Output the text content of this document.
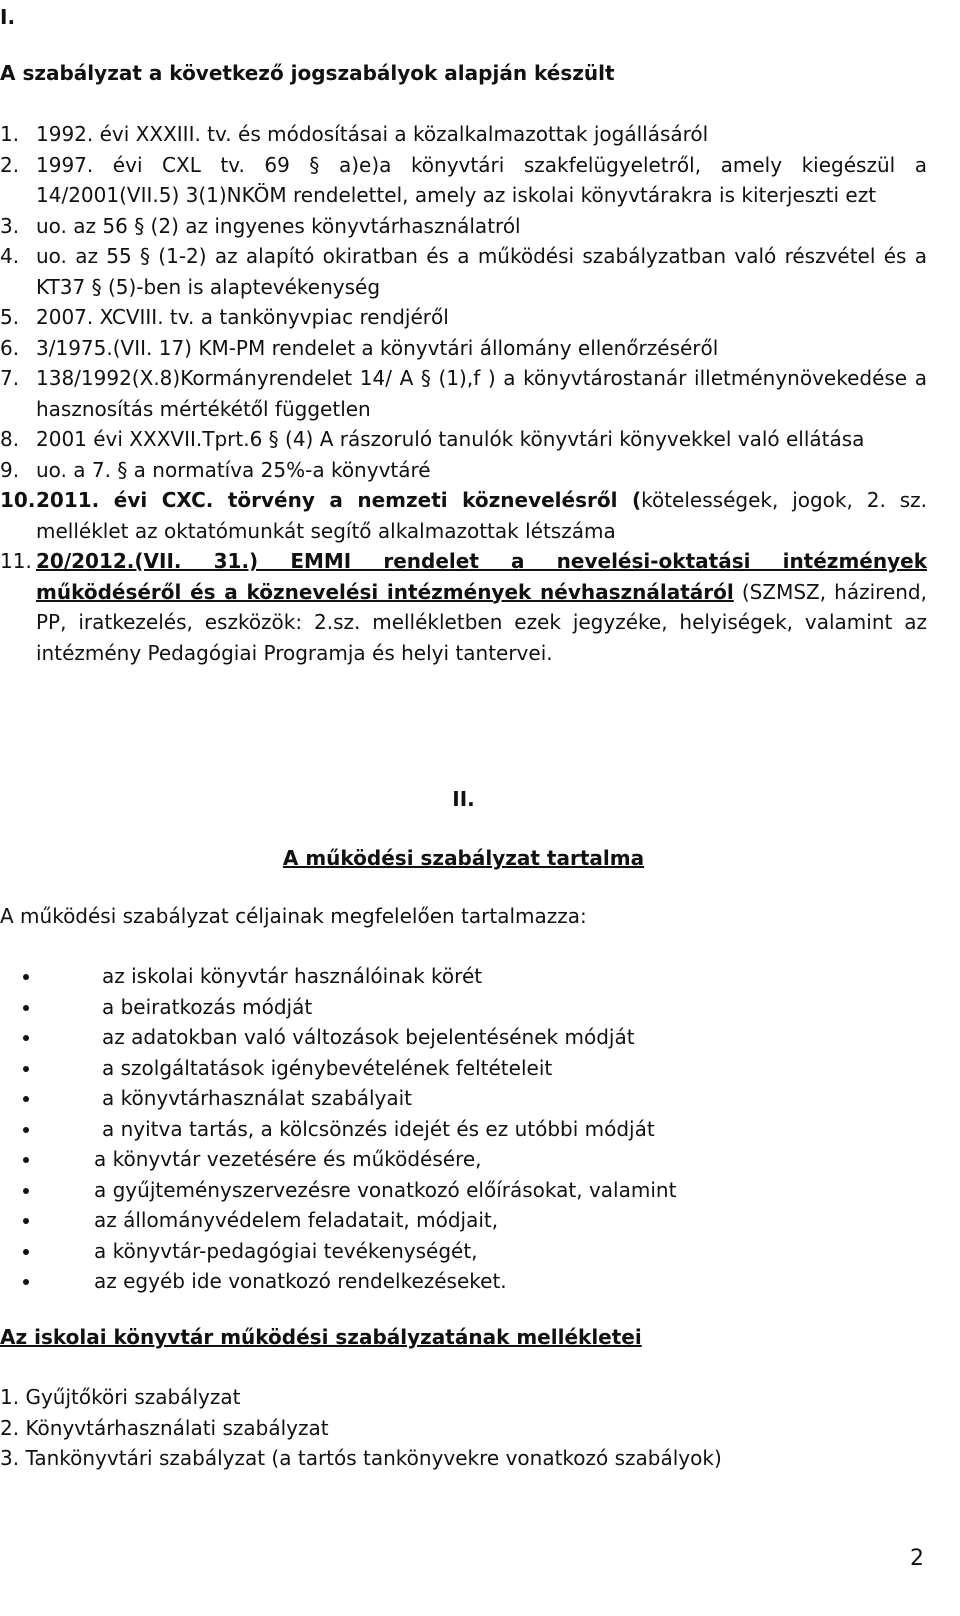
I.
A szabályzat a következő jogszabályok alapján készült
1. 1992. évi XXXIII. tv. és módosításai a közalkalmazottak jogállásáról
2. 1997. évi CXL tv. 69 § a)e)a könyvtári szakfelügyeletről, amely kiegészül a 14/2001(VII.5) 3(1)NKÖM rendelettel, amely az iskolai könyvtárakra is kiterjeszti ezt
3. uo. az 56 § (2) az ingyenes könyvtárhasználatról
4. uo. az 55 § (1-2) az alapító okiratban és a működési szabályzatban való részvétel és a KT37 § (5)-ben is alaptevékenység
5. 2007. XCVIII. tv. a tankönyvpiac rendjéről
6. 3/1975.(VII. 17) KM-PM rendelet a könyvtári állomány ellenőrzéséről
7. 138/1992(X.8)Kormányrendelet 14/ A § (1),f ) a könyvtárostanár illetménynövekedése a hasznosítás mértékétől független
8. 2001 évi XXXVII.Tprt.6 § (4) A rászoruló tanulók könyvtári könyvekkel való ellátása
9. uo. a 7. § a normatíva 25%-a könyvtáré
10. 2011. évi CXC. törvény a nemzeti köznevelésről (kötelességek, jogok, 2. sz. melléklet az oktatómunkát segítő alkalmazottak létszáma
11. 20/2012.(VII. 31.) EMMI rendelet a nevelési-oktatási intézmények működéséről és a köznevelési intézmények névhasználatáról (SZMSZ, házirend, PP, iratkezelés, eszközök: 2.sz. mellékletben ezek jegyzéke, helyiségek, valamint az intézmény Pedagógiai Programja és helyi tantervei.
II.
A működési szabályzat tartalma
A működési szabályzat céljainak megfelelően tartalmazza:
az iskolai könyvtár használóinak körét
a beiratkozás módját
az adatokban való változások bejelentésének módját
a szolgáltatások igénybevételének feltételeit
a könyvtárhasználat szabályait
a nyitva tartás, a kölcsönzés idejét és ez utóbbi módját
a könyvtár vezetésére és működésére,
a gyűjteményszervezésre vonatkozó előírásokat, valamint
az állományvédelem feladatait, módjait,
a könyvtár-pedagógiai tevékenységét,
az egyéb ide vonatkozó rendelkezéseket.
Az iskolai könyvtár működési szabályzatának mellékletei
1. Gyűjtőköri szabályzat
2. Könyvtárhasználati szabályzat
3. Tankönyvtári szabályzat (a tartós tankönyvekre vonatkozó szabályok)
2
